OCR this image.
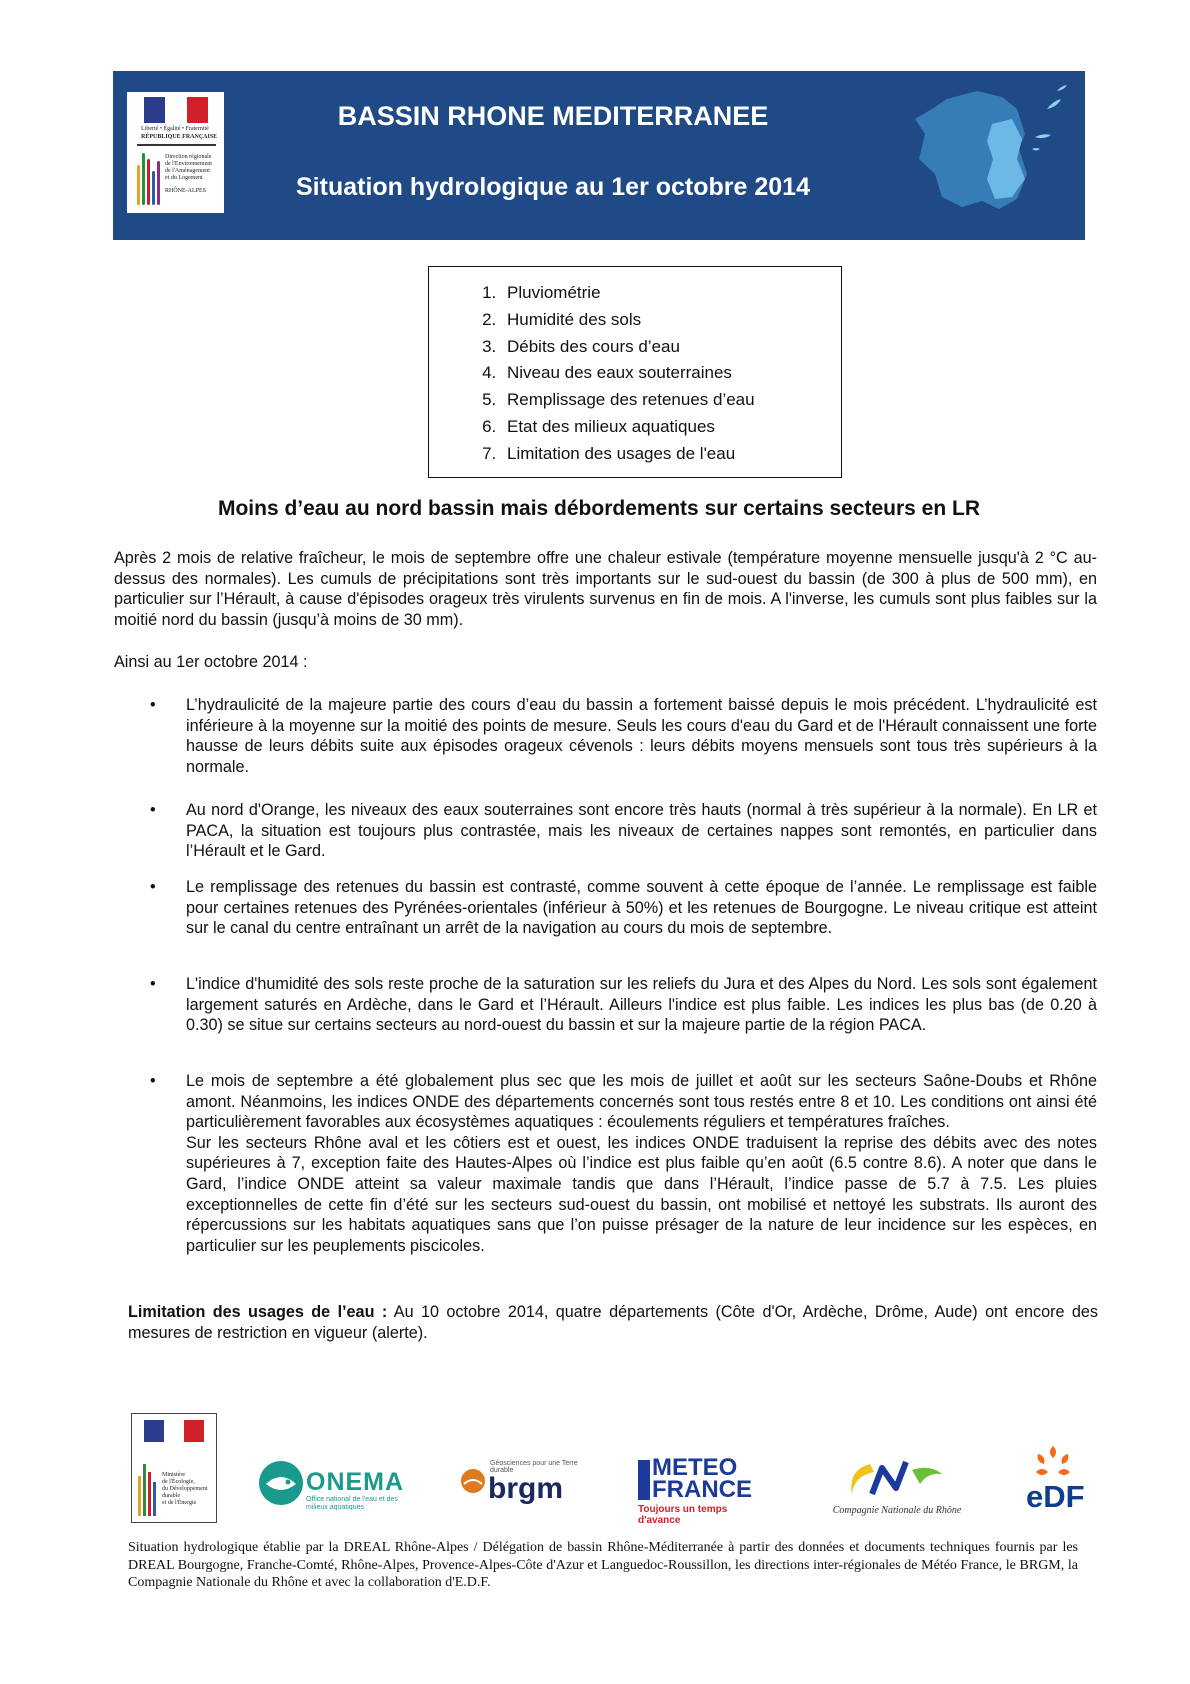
Liberté • Égalité • Fraternité
RÉPUBLIQUE FRANÇAISE
Direction régionale
de l'Environnement
de l'Aménagement
et du Logement
RHÔNE-ALPES
BASSIN RHONE MEDITERRANEE
Situation hydrologique au 1er octobre 2014
1. Pluviométrie
2. Humidité des sols
3. Débits des cours d’eau
4. Niveau des eaux souterraines
5. Remplissage des retenues d’eau
6. Etat des milieux aquatiques
7. Limitation des usages de l'eau
Moins d’eau au nord bassin mais débordements sur certains secteurs en LR

Après 2 mois de relative fraîcheur, le mois de septembre offre une chaleur estivale (température moyenne mensuelle jusqu'à 2 °C au-dessus des normales). Les cumuls de précipitations sont très importants sur le sud-ouest du bassin (de 300 à plus de 500 mm), en particulier sur l’Hérault, à cause d'épisodes orageux très virulents survenus en fin de mois. A l'inverse, les cumuls sont plus faibles sur la moitié nord du bassin (jusqu’à moins de 30 mm).

Ainsi au 1er octobre 2014 :

• L’hydraulicité de la majeure partie des cours d’eau du bassin a fortement baissé depuis le mois précédent. L’hydraulicité est inférieure à la moyenne sur la moitié des points de mesure. Seuls les cours d'eau du Gard et de l'Hérault connaissent une forte hausse de leurs débits suite aux épisodes orageux cévenols : leurs débits moyens mensuels sont tous très supérieurs à la normale.

• Au nord d'Orange, les niveaux des eaux souterraines sont encore très hauts (normal à très supérieur à la normale). En LR et PACA, la situation est toujours plus contrastée, mais les niveaux de certaines nappes sont remontés, en particulier dans l’Hérault et le Gard.

• Le remplissage des retenues du bassin est contrasté, comme souvent à cette époque de l’année. Le remplissage est faible pour certaines retenues des Pyrénées-orientales (inférieur à 50%) et les retenues de Bourgogne. Le niveau critique est atteint sur le canal du centre entraînant un arrêt de la navigation au cours du mois de septembre.

• L'indice d'humidité des sols reste proche de la saturation sur les reliefs du Jura et des Alpes du Nord. Les sols sont également largement saturés en Ardèche, dans le Gard et l’Hérault. Ailleurs l'indice est plus faible. Les indices les plus bas (de 0.20 à 0.30) se situe sur certains secteurs au nord-ouest du bassin et sur la majeure partie de la région PACA.

• Le mois de septembre a été globalement plus sec que les mois de juillet et août sur les secteurs Saône-Doubs et Rhône amont. Néanmoins, les indices ONDE des départements concernés sont tous restés entre 8 et 10. Les conditions ont ainsi été particulièrement favorables aux écosystèmes aquatiques : écoulements réguliers et températures fraîches.

Sur les secteurs Rhône aval et les côtiers est et ouest, les indices ONDE traduisent la reprise des débits avec des notes supérieures à 7, exception faite des Hautes-Alpes où l’indice est plus faible qu’en août (6.5 contre 8.6). A noter que dans le Gard, l’indice ONDE atteint sa valeur maximale tandis que dans l’Hérault, l’indice passe de 5.7 à 7.5. Les pluies exceptionnelles de cette fin d’été sur les secteurs sud-ouest du bassin, ont mobilisé et nettoyé les substrats. Ils auront des répercussions sur les habitats aquatiques sans que l’on puisse présager de la nature de leur incidence sur les espèces, en particulier sur les peuplements piscicoles.

Limitation des usages de l’eau : Au 10 octobre 2014, quatre départements (Côte d'Or, Ardèche, Drôme, Aude) ont encore des mesures de restriction en vigueur (alerte).
Ministère
de l'Écologie,
du Développement
durable
et de l'Énergie
ONEMA
Office national de l'eau et des milieux aquatiques
Géosciences pour une Terre durable
brgm
METEO
FRANCE
Toujours un temps d'avance
Compagnie Nationale du Rhône	eDF
Situation hydrologique établie par la DREAL Rhône-Alpes / Délégation de bassin Rhône-Méditerranée à partir des données et documents techniques fournis par les DREAL Bourgogne, Franche-Comté, Rhône-Alpes, Provence-Alpes-Côte d'Azur et Languedoc-Roussillon, les directions inter-régionales de Météo France, le BRGM, la Compagnie Nationale du Rhône et avec la collaboration d'E.D.F.
